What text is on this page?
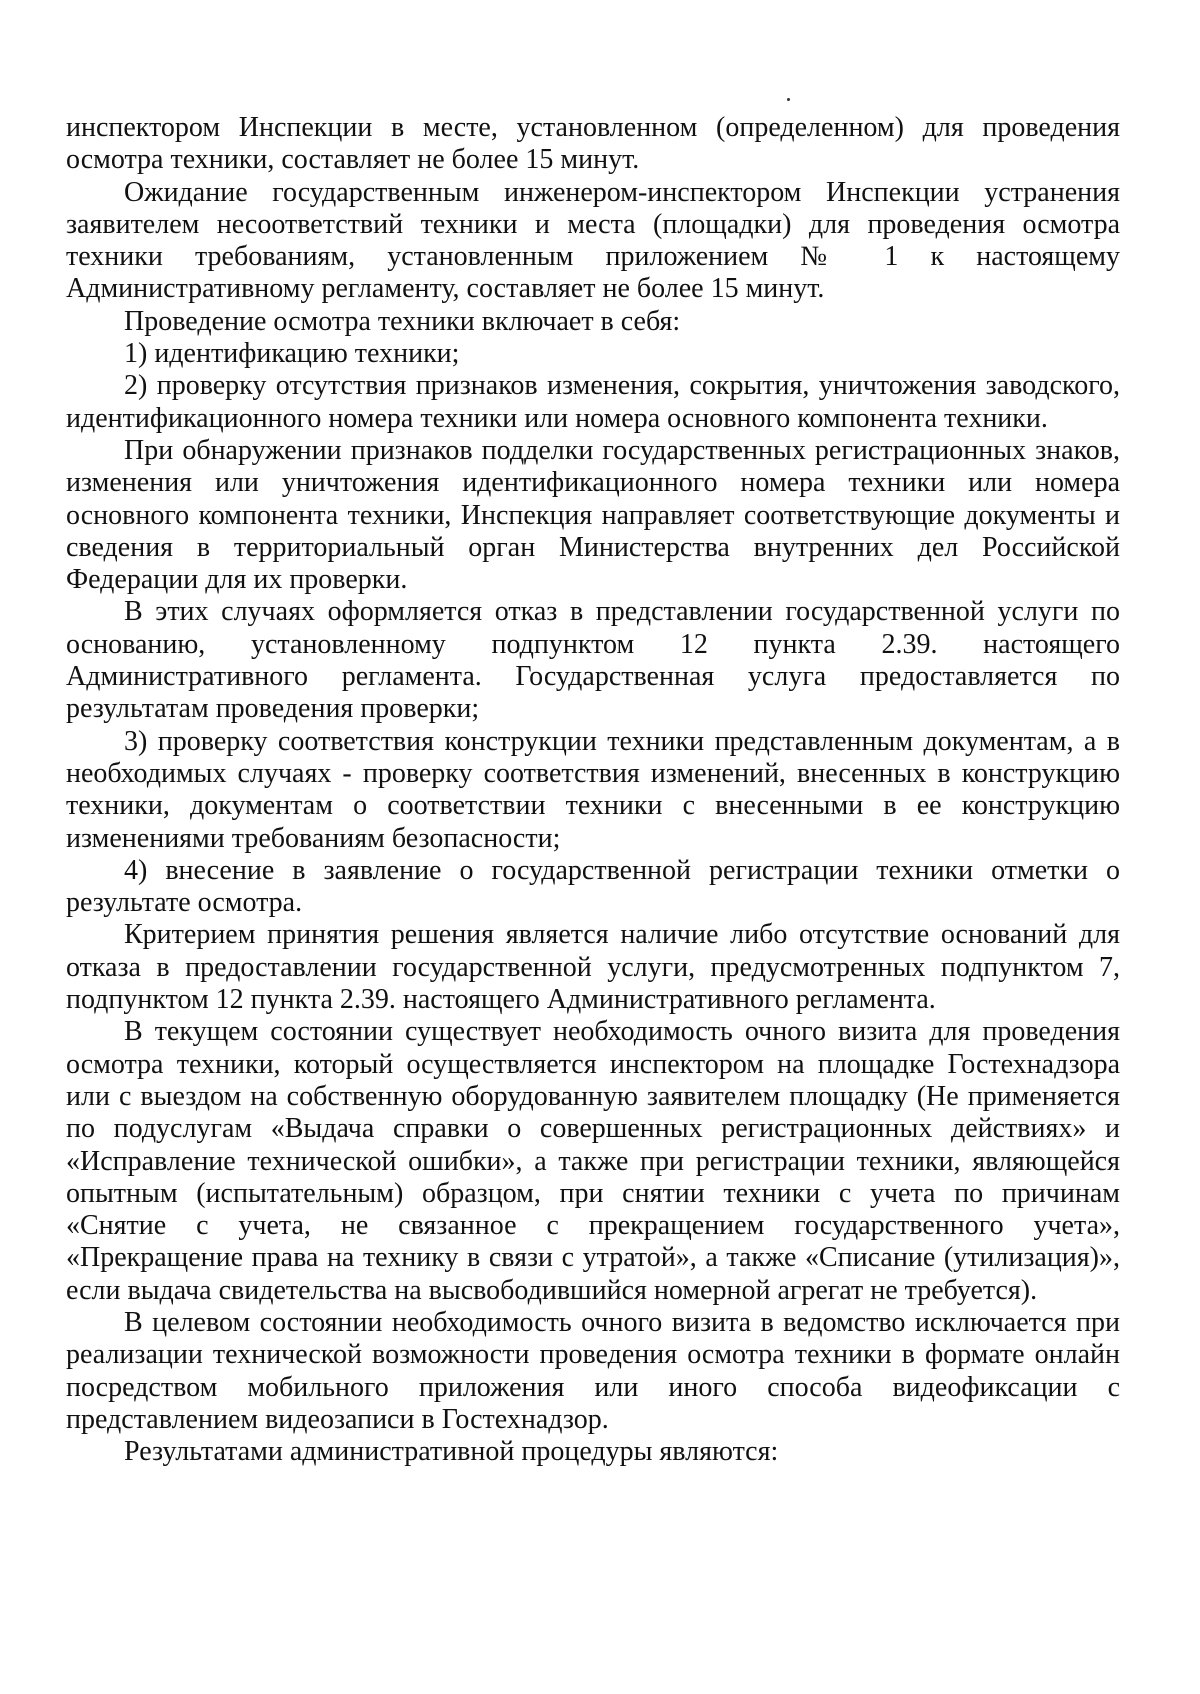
инспектором Инспекции в месте, установленном (определенном) для проведения осмотра техники, составляет не более 15 минут.

Ожидание государственным инженером-инспектором Инспекции устранения заявителем несоответствий техники и места (площадки) для проведения осмотра техники требованиям, установленным приложением № 1 к настоящему Административному регламенту, составляет не более 15 минут.

Проведение осмотра техники включает в себя:

1) идентификацию техники;

2) проверку отсутствия признаков изменения, сокрытия, уничтожения заводского, идентификационного номера техники или номера основного компонента техники.

При обнаружении признаков подделки государственных регистрационных знаков, изменения или уничтожения идентификационного номера техники или номера основного компонента техники, Инспекция направляет соответствующие документы и сведения в территориальный орган Министерства внутренних дел Российской Федерации для их проверки.

В этих случаях оформляется отказ в представлении государственной услуги по основанию, установленному подпунктом 12 пункта 2.39. настоящего Административного регламента. Государственная услуга предоставляется по результатам проведения проверки;

3) проверку соответствия конструкции техники представленным документам, а в необходимых случаях - проверку соответствия изменений, внесенных в конструкцию техники, документам о соответствии техники с внесенными в ее конструкцию изменениями требованиям безопасности;

4) внесение в заявление о государственной регистрации техники отметки о результате осмотра.

Критерием принятия решения является наличие либо отсутствие оснований для отказа в предоставлении государственной услуги, предусмотренных подпунктом 7, подпунктом 12 пункта 2.39. настоящего Административного регламента.

В текущем состоянии существует необходимость очного визита для проведения осмотра техники, который осуществляется инспектором на площадке Гостехнадзора или с выездом на собственную оборудованную заявителем площадку (Не применяется по подуслугам «Выдача справки о совершенных регистрационных действиях» и «Исправление технической ошибки», а также при регистрации техники, являющейся опытным (испытательным) образцом, при снятии техники с учета по причинам «Снятие с учета, не связанное с прекращением государственного учета», «Прекращение права на технику в связи с утратой», а также «Списание (утилизация)», если выдача свидетельства на высвободившийся номерной агрегат не требуется).

В целевом состоянии необходимость очного визита в ведомство исключается при реализации технической возможности проведения осмотра техники в формате онлайн посредством мобильного приложения или иного способа видеофиксации с представлением видеозаписи в Гостехнадзор.

Результатами административной процедуры являются:
